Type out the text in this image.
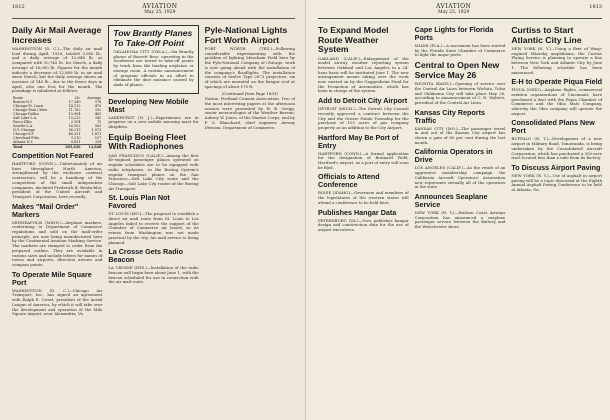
1812	AVIATION
May 25, 1929
Daily Air Mail Average Increases

WASHINGTON (D. C.)—The daily air mail load during April, 1929, totaled 3,950 lb., and a daily average of 12,848 lb. as compared with 10,745 lb. for March, a daily average of 16,000 lb. Figures for the month indicate a decrease of 12,889 lb. in air mail since March, but the daily average shows an increase of 140 lb., due to the fewer days in April, also one less for the month. The poundage is tabulated as follows:

Route	Lb.	Average
Boston-N.Y.	17,349	578
Chicago-St. Louis	14,115	470
Chicago-Twin Cities	11,782	392
Chicago-Dallas	13,904	463
Salt Lake-L.A.	10,213	340
Pasco-Elko	2,104	70
Seattle-L.A.	16,902	563
N.Y.-Chicago	56,215	1,873
Chicago-S.F.	48,331	1,611
Cleveland-Pitts.	3,210	107
Atlanta-N.Y.	9,851	328
Total	385,456	12,848
Competition Not Feared

HARTFORD (CONN.)—Unfortunately of air lines throughout North America, strengthened by the exclusive contract contractors, will be a handicap of the competition of the small independent companies, declared Frederick B. Rentschler, president of the United Aircraft and Transport Corporation, here recently.

Makes "Mail Order" Markers

MINNEAPOLIS (MINN.)—Airplane markers, conforming to Department of Commerce regulations and sold on the mail-order principle, are now being manufactured here by the Continental Aviation Marking Service. The markers are stamped to order from the prepared outline. They are available in various sizes and include letters for names of towns and airports, direction arrows and compass points.

To Operate Mile Square Port

WASHINGTON (D. C.)—Chicago Air Transport, Inc., has signed an agreement with Ralph E. Crowl, president of the Aerial League of America, by which it will take over the development and operation of the Mile Square Airport, near Alexandria, Va.

Tow Brantly Planes To Take-Off Point

OKLAHOMA CITY (OKLA.)—Six Brantly planes of Bassett Bros. operating in the Southwest are towed to take-off points by truck from the landing airplanes or storage room. A routine announcement of program officials in an effort to eliminate the dust nuisance caused by skids of planes.

Developing New Mobile Mast

LAKEHURST (N. J.)—Experiments are in progress on a new mobile mooring mast for dirigibles.

Equip Boeing Fleet With Radiophones

SAN FRANCISCO (CALIF.)—Among the first 40-engined passenger planes operated on regular schedules are to be equipped with radio telephones, as the Boeing System's regular transport planes on the San Francisco—Salt Lake City route and the Chicago—Salt Lake City routes of the Boeing Air Transport.

St. Louis Plan Not Favored

ST. LOUIS (MO.)—The proposal to establish a direct air mail route from St. Louis to Los Angeles failed to receive the support of the Chamber of Commerce air board, as its return from Washington was not made practical by the city. Air mail service is being planned.

La Crosse Gets Radio Beacon

LA CROSSE (WIS.)—Installation of the radio beacon will begin here about June 1, with the beacon scheduled for use in connection with the air mail route.

Pyle-National Lights Fort Worth Airport

FORT WORTH (TEX.)—Following considerable experimenting with the problem of lighting Meacham Field here by the Pyle-National Company of Chicago, work is now going ahead with the installation of the company's floodlights. The installation consists of twelve Type 2873 projectors, six of which are mounted on the hangar roof at spacings of about 170 ft.

(Continued from Page 1833)

Nation. Portland Cement Association. Two of the most interesting papers at the afternoon session were presented by W. B. Gregg, senior meteorologist of the Weather Bureau; Aubrey W. Jones, of the Marine Corps; and by F. S. Blanchard, chief engineer, Airway Division, Department of Commerce.

AVIATION
May 25, 1929
1813
To Expand Model Route Weather System

OAKLAND (CALIF.)—Enlargement of the model airway weather reporting system between Oakland and Los Angeles to a 24-hour basis will be instituted June 1. The new arrangement means taking over the work now carried on by the Guggenheim Fund for the Promotion of Aeronautics, which has been in charge of the system.

Add to Detroit City Airport

DETROIT (MICH.)—The Detroit City Council recently approved a contract between the City and the Grosse Pointe Township for the purchase of 103 acres of gas company property as an addition to the City Airport.

Hartford May Be Port of Entry

HARTFORD (CONN.)—A formal application for the designation of Brainard Field, Hartford's airport, as a port of entry will soon be filed.

Officials to Attend Conference

BOISE (IDAHO)—Governors and members of the legislatures of the western states will attend a conference to be held here.

Publishes Hangar Data

PETERSBURG (VA.)—Now publishes hangar design and construction data for the use of airport executives.

Cape Lights for Florida Ports

MIAMI (FLA.)—A movement has been started by the Florida State Chamber of Commerce to light the major ports.

Central to Open New Service May 26

WICHITA (KANS.)—Opening of service over the Central Air Lines between Wichita, Tulsa and Oklahoma City will take place May 26, according to announcement of C. N. Walters, president of the Central Air Lines.

Kansas City Reports Traffic

KANSAS CITY (MO.)—The passenger travel in and out of the Kansas City airport has shown a gain of 80 per cent during the last month.

California Operators in Drive

LOS ANGELES (CALIF.)—As the result of an aggressive membership campaign the California Aircraft Operators' Association now represents virtually all of the operators in the state.

Announces Seaplane Service

NEW YORK (N. Y.)—Hudson Coast Airways Corporation has announced a seaplane passenger service between the Battery and the Westchester shore.

Curtiss to Start Atlantic City Line

NEW YORK (N. Y.)—Using a fleet of Wasp-engined Sikorsky amphibians, the Curtiss Flying Service is planning to operate a line between New York and Atlantic City by June 1. The following schedule has been announced.

E-H to Operate Piqua Field

PIQUA (OHIO)—Airplane flights, commercial aviation organizations of Cincinnati, have purchased a deal with the Piqua Chamber of Commerce and the Ohio Mats Company, whereby the Ohio company will operate the airport.

Consolidated Plans New Port

BUFFALO (N. Y.)—Development of a new airport in Military Road, Tonawanda, is being undertaken by the Consolidated Aircraft Corporation, which has purchased a 300-acre tract located less than a mile from its factory.

To Discuss Airport Paving

NEW YORK (N. Y.)—Use of asphalt in airport paving will be a topic discussed at the Eighth Annual Asphalt Paving Conference to be held at Atlanta, Ga.
